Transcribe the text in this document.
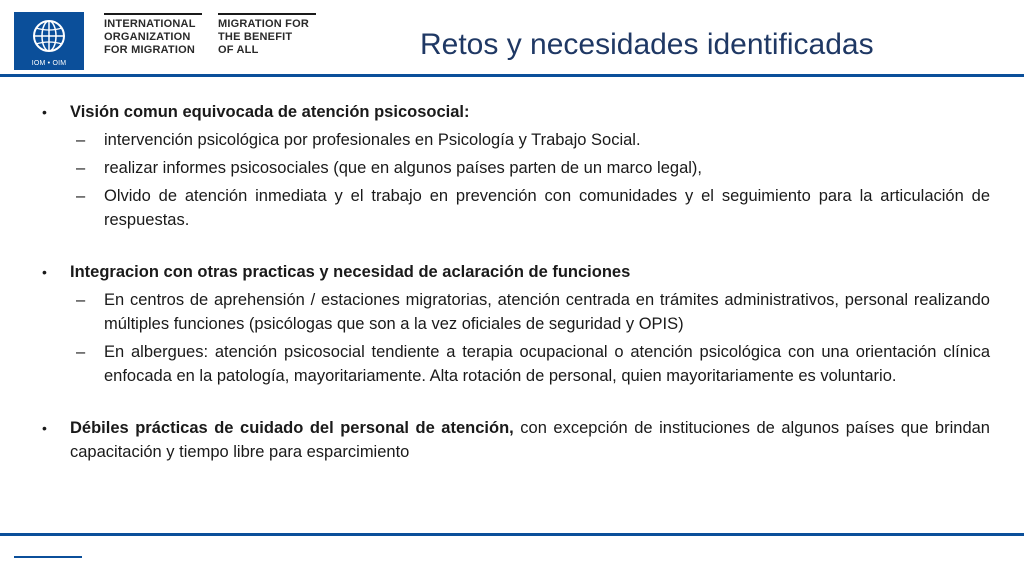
IOM • OIM
INTERNATIONAL
ORGANIZATION
FOR MIGRATION
MIGRATION FOR
THE BENEFIT
OF ALL	Retos y necesidades identificadas
• Visión comun equivocada de atención psicosocial:
– intervención psicológica por profesionales en Psicología y Trabajo Social.
– realizar informes psicosociales (que en algunos países parten de un marco legal),
– Olvido de atención inmediata y el trabajo en prevención con comunidades y el seguimiento para la articulación de respuestas.
• Integracion con otras practicas y necesidad de aclaración de funciones
– En centros de aprehensión / estaciones migratorias, atención centrada en trámites administrativos, personal realizando múltiples funciones (psicólogas que son a la vez oficiales de seguridad y OPIS)
– En albergues: atención psicosocial tendiente a terapia ocupacional o atención psicológica con una orientación clínica enfocada en la patología, mayoritariamente. Alta rotación de personal, quien mayoritariamente es voluntario.
• Débiles prácticas de cuidado del personal de atención, con excepción de instituciones de algunos países que brindan capacitación y tiempo libre para esparcimiento
